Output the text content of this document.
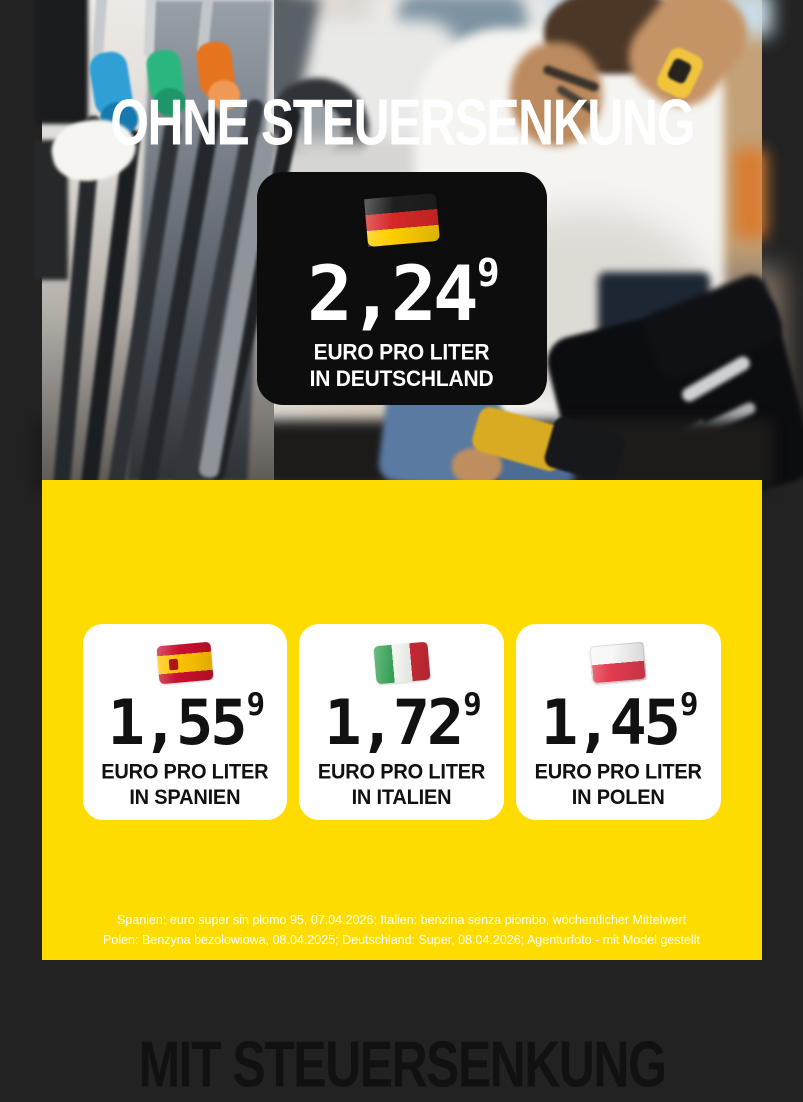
OHNE STEUERSENKUNG
2,24 9
EURO PRO LITER
IN DEUTSCHLAND
MIT STEUERSENKUNG
1,55 9
EURO PRO LITER
IN SPANIEN
1,72 9
EURO PRO LITER
IN ITALIEN
1,45 9
EURO PRO LITER
IN POLEN
Spanien: euro super sin plomo 95, 07.04.2026; Italien: benzina senza piombo, wöchentlicher Mittelwert
Polen: Benzyna bezolowiowa, 08.04.2025; Deutschland: Super, 08.04.2026; Agenturfoto - mit Model gestellt
